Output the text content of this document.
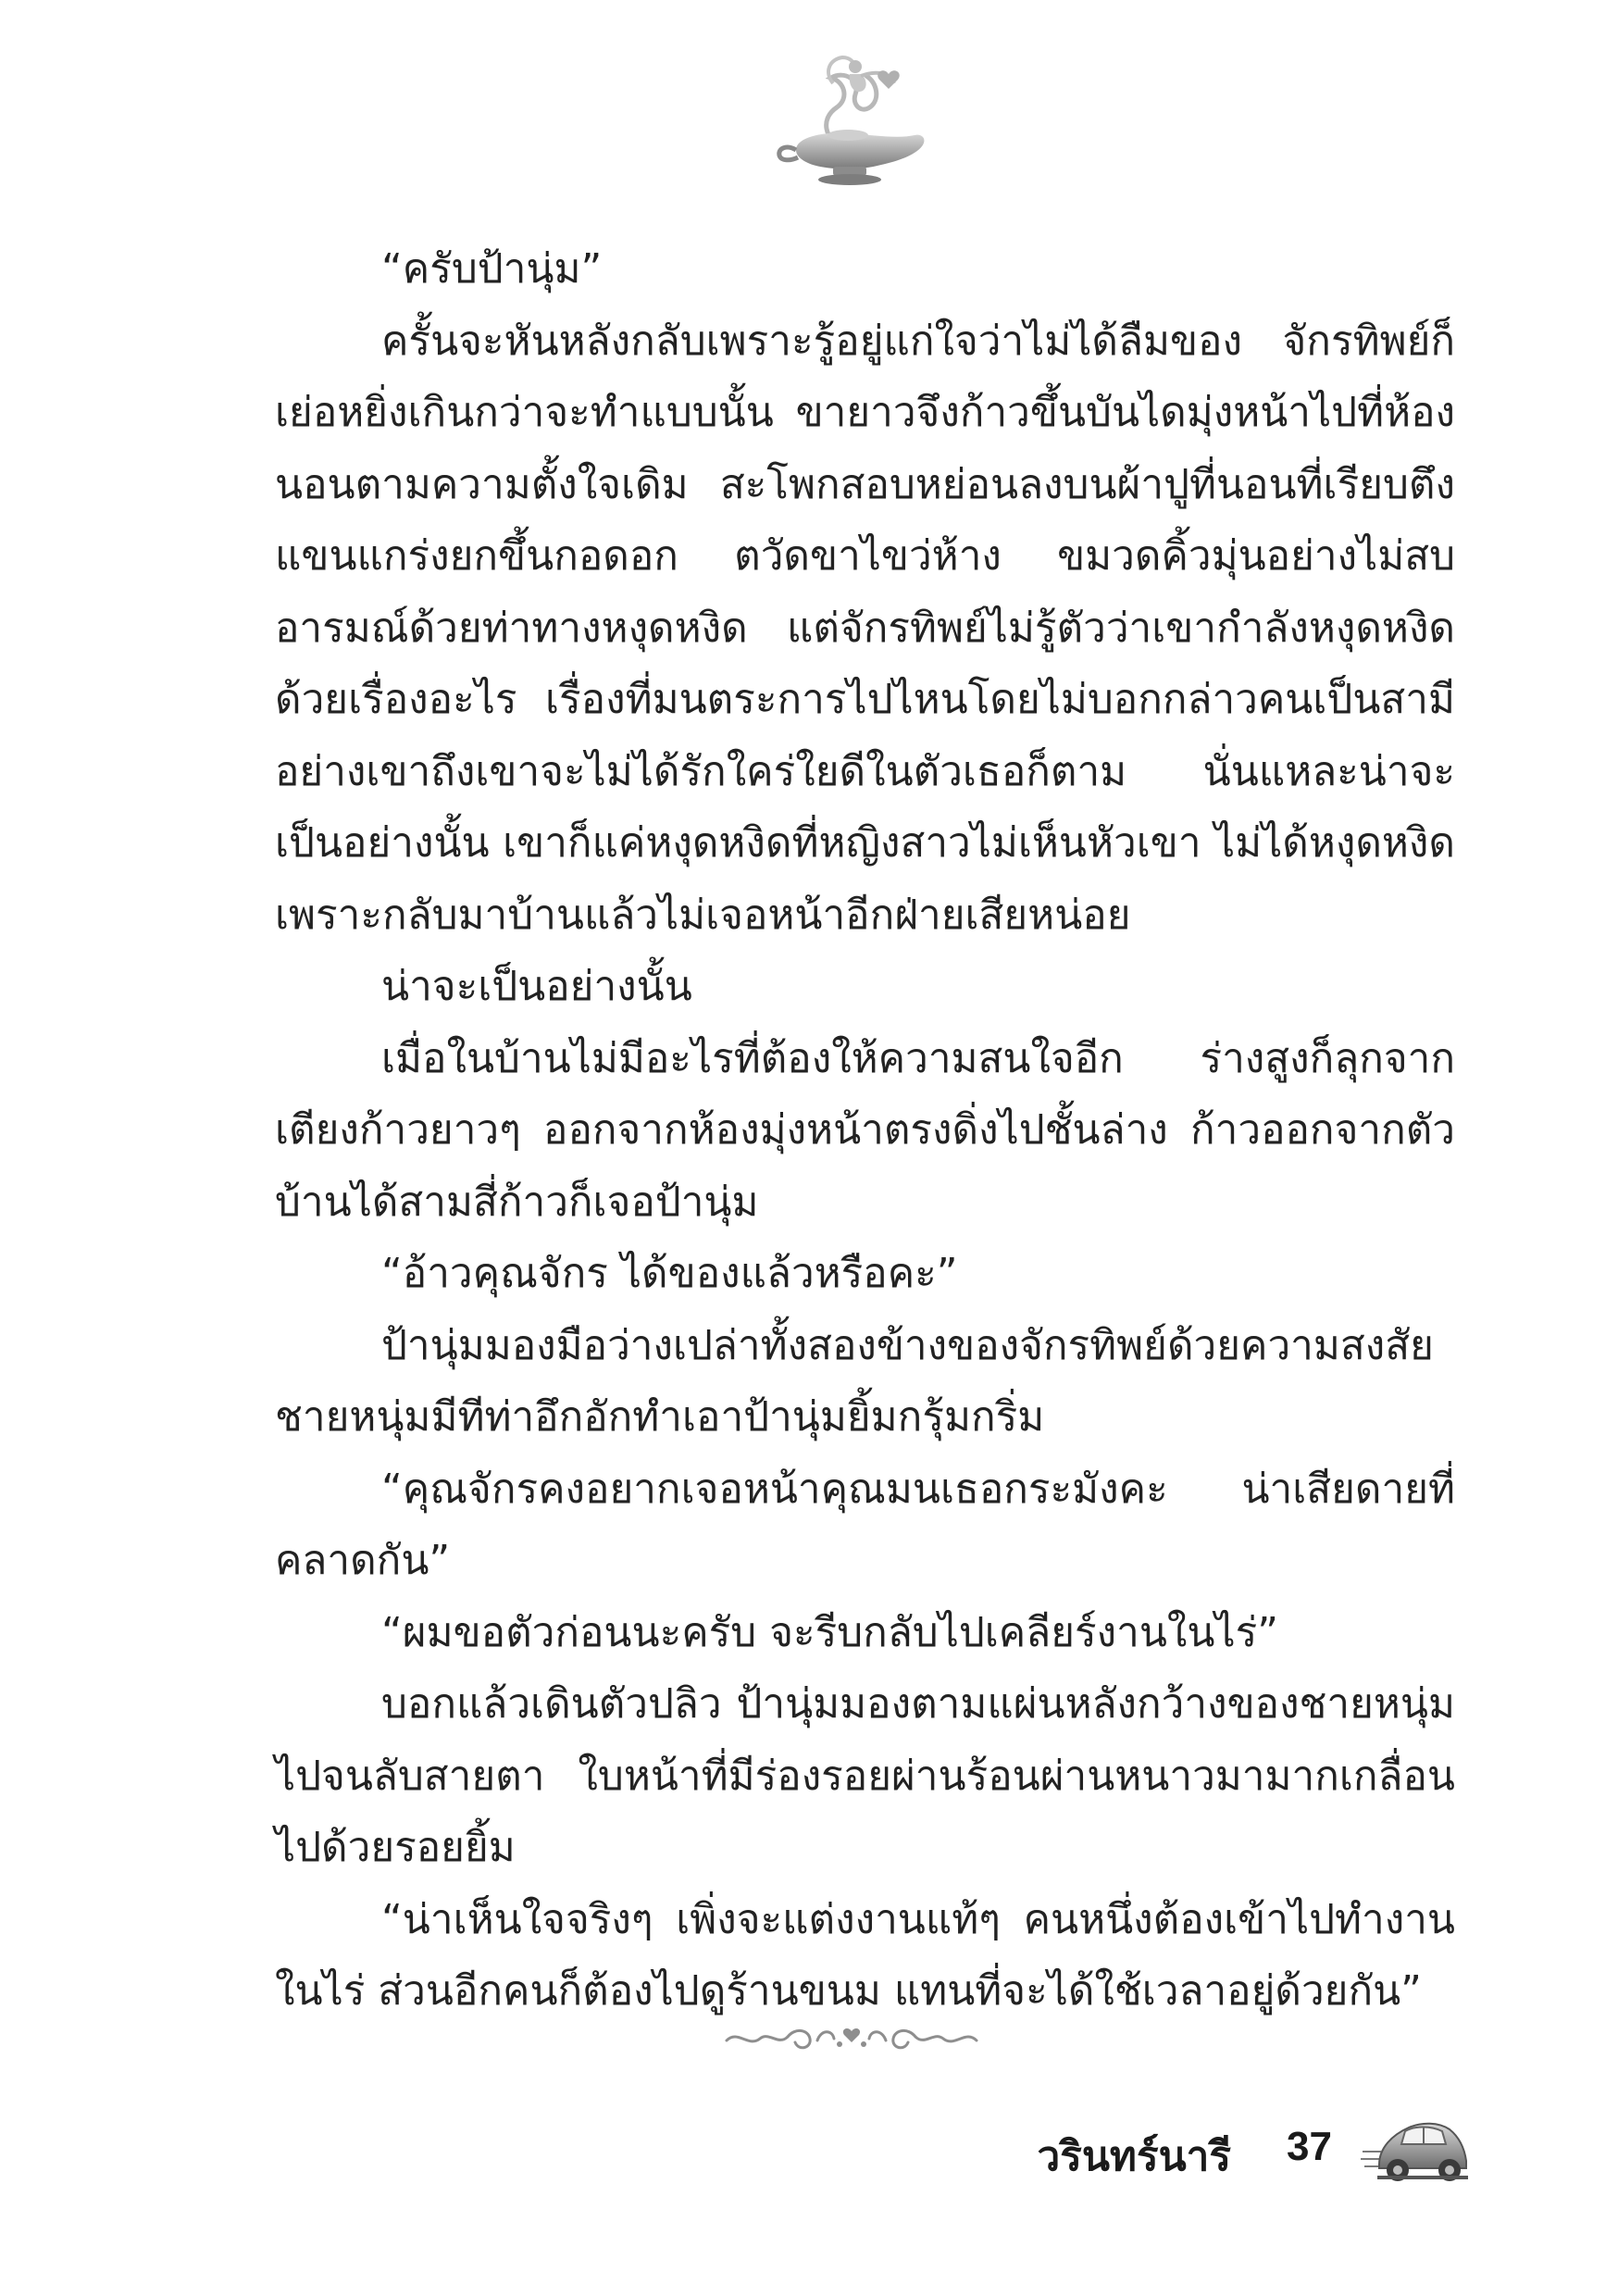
“ครับป้านุ่ม”

ครั้นจะหันหลังกลับเพราะรู้อยู่แก่ใจว่าไม่ได้ลืมของ จักรทิพย์ก็เย่อหยิ่งเกินกว่าจะทำแบบนั้น ขายาวจึงก้าวขึ้นบันไดมุ่งหน้าไปที่ห้องนอนตามความตั้งใจเดิม สะโพกสอบหย่อนลงบนผ้าปูที่นอนที่เรียบตึง แขนแกร่งยกขึ้นกอดอก ตวัดขาไขว่ห้าง ขมวดคิ้วมุ่นอย่างไม่สบอารมณ์ด้วยท่าทางหงุดหงิด แต่จักรทิพย์ไม่รู้ตัวว่าเขากำลังหงุดหงิดด้วยเรื่องอะไร เรื่องที่มนตระการไปไหนโดยไม่บอกกล่าวคนเป็นสามีอย่างเขาถึงเขาจะไม่ได้รักใคร่ใยดีในตัวเธอก็ตาม นั่นแหละน่าจะเป็นอย่างนั้น เขาก็แค่หงุดหงิดที่หญิงสาวไม่เห็นหัวเขา ไม่ได้หงุดหงิดเพราะกลับมาบ้านแล้วไม่เจอหน้าอีกฝ่ายเสียหน่อย

น่าจะเป็นอย่างนั้น

เมื่อในบ้านไม่มีอะไรที่ต้องให้ความสนใจอีก ร่างสูงก็ลุกจากเตียงก้าวยาวๆ ออกจากห้องมุ่งหน้าตรงดิ่งไปชั้นล่าง ก้าวออกจากตัวบ้านได้สามสี่ก้าวก็เจอป้านุ่ม

“อ้าวคุณจักร ได้ของแล้วหรือคะ”

ป้านุ่มมองมือว่างเปล่าทั้งสองข้างของจักรทิพย์ด้วยความสงสัยชายหนุ่มมีทีท่าอึกอักทำเอาป้านุ่มยิ้มกรุ้มกริ่ม

“คุณจักรคงอยากเจอหน้าคุณมนเธอกระมังคะ น่าเสียดายที่คลาดกัน”

“ผมขอตัวก่อนนะครับ จะรีบกลับไปเคลียร์งานในไร่”

บอกแล้วเดินตัวปลิว ป้านุ่มมองตามแผ่นหลังกว้างของชายหนุ่มไปจนลับสายตา ใบหน้าที่มีร่องรอยผ่านร้อนผ่านหนาวมามากเกลื่อนไปด้วยรอยยิ้ม

“น่าเห็นใจจริงๆ เพิ่งจะแต่งงานแท้ๆ คนหนึ่งต้องเข้าไปทำงานในไร่ ส่วนอีกคนก็ต้องไปดูร้านขนม แทนที่จะได้ใช้เวลาอยู่ด้วยกัน”

วรินทร์นารี 37
